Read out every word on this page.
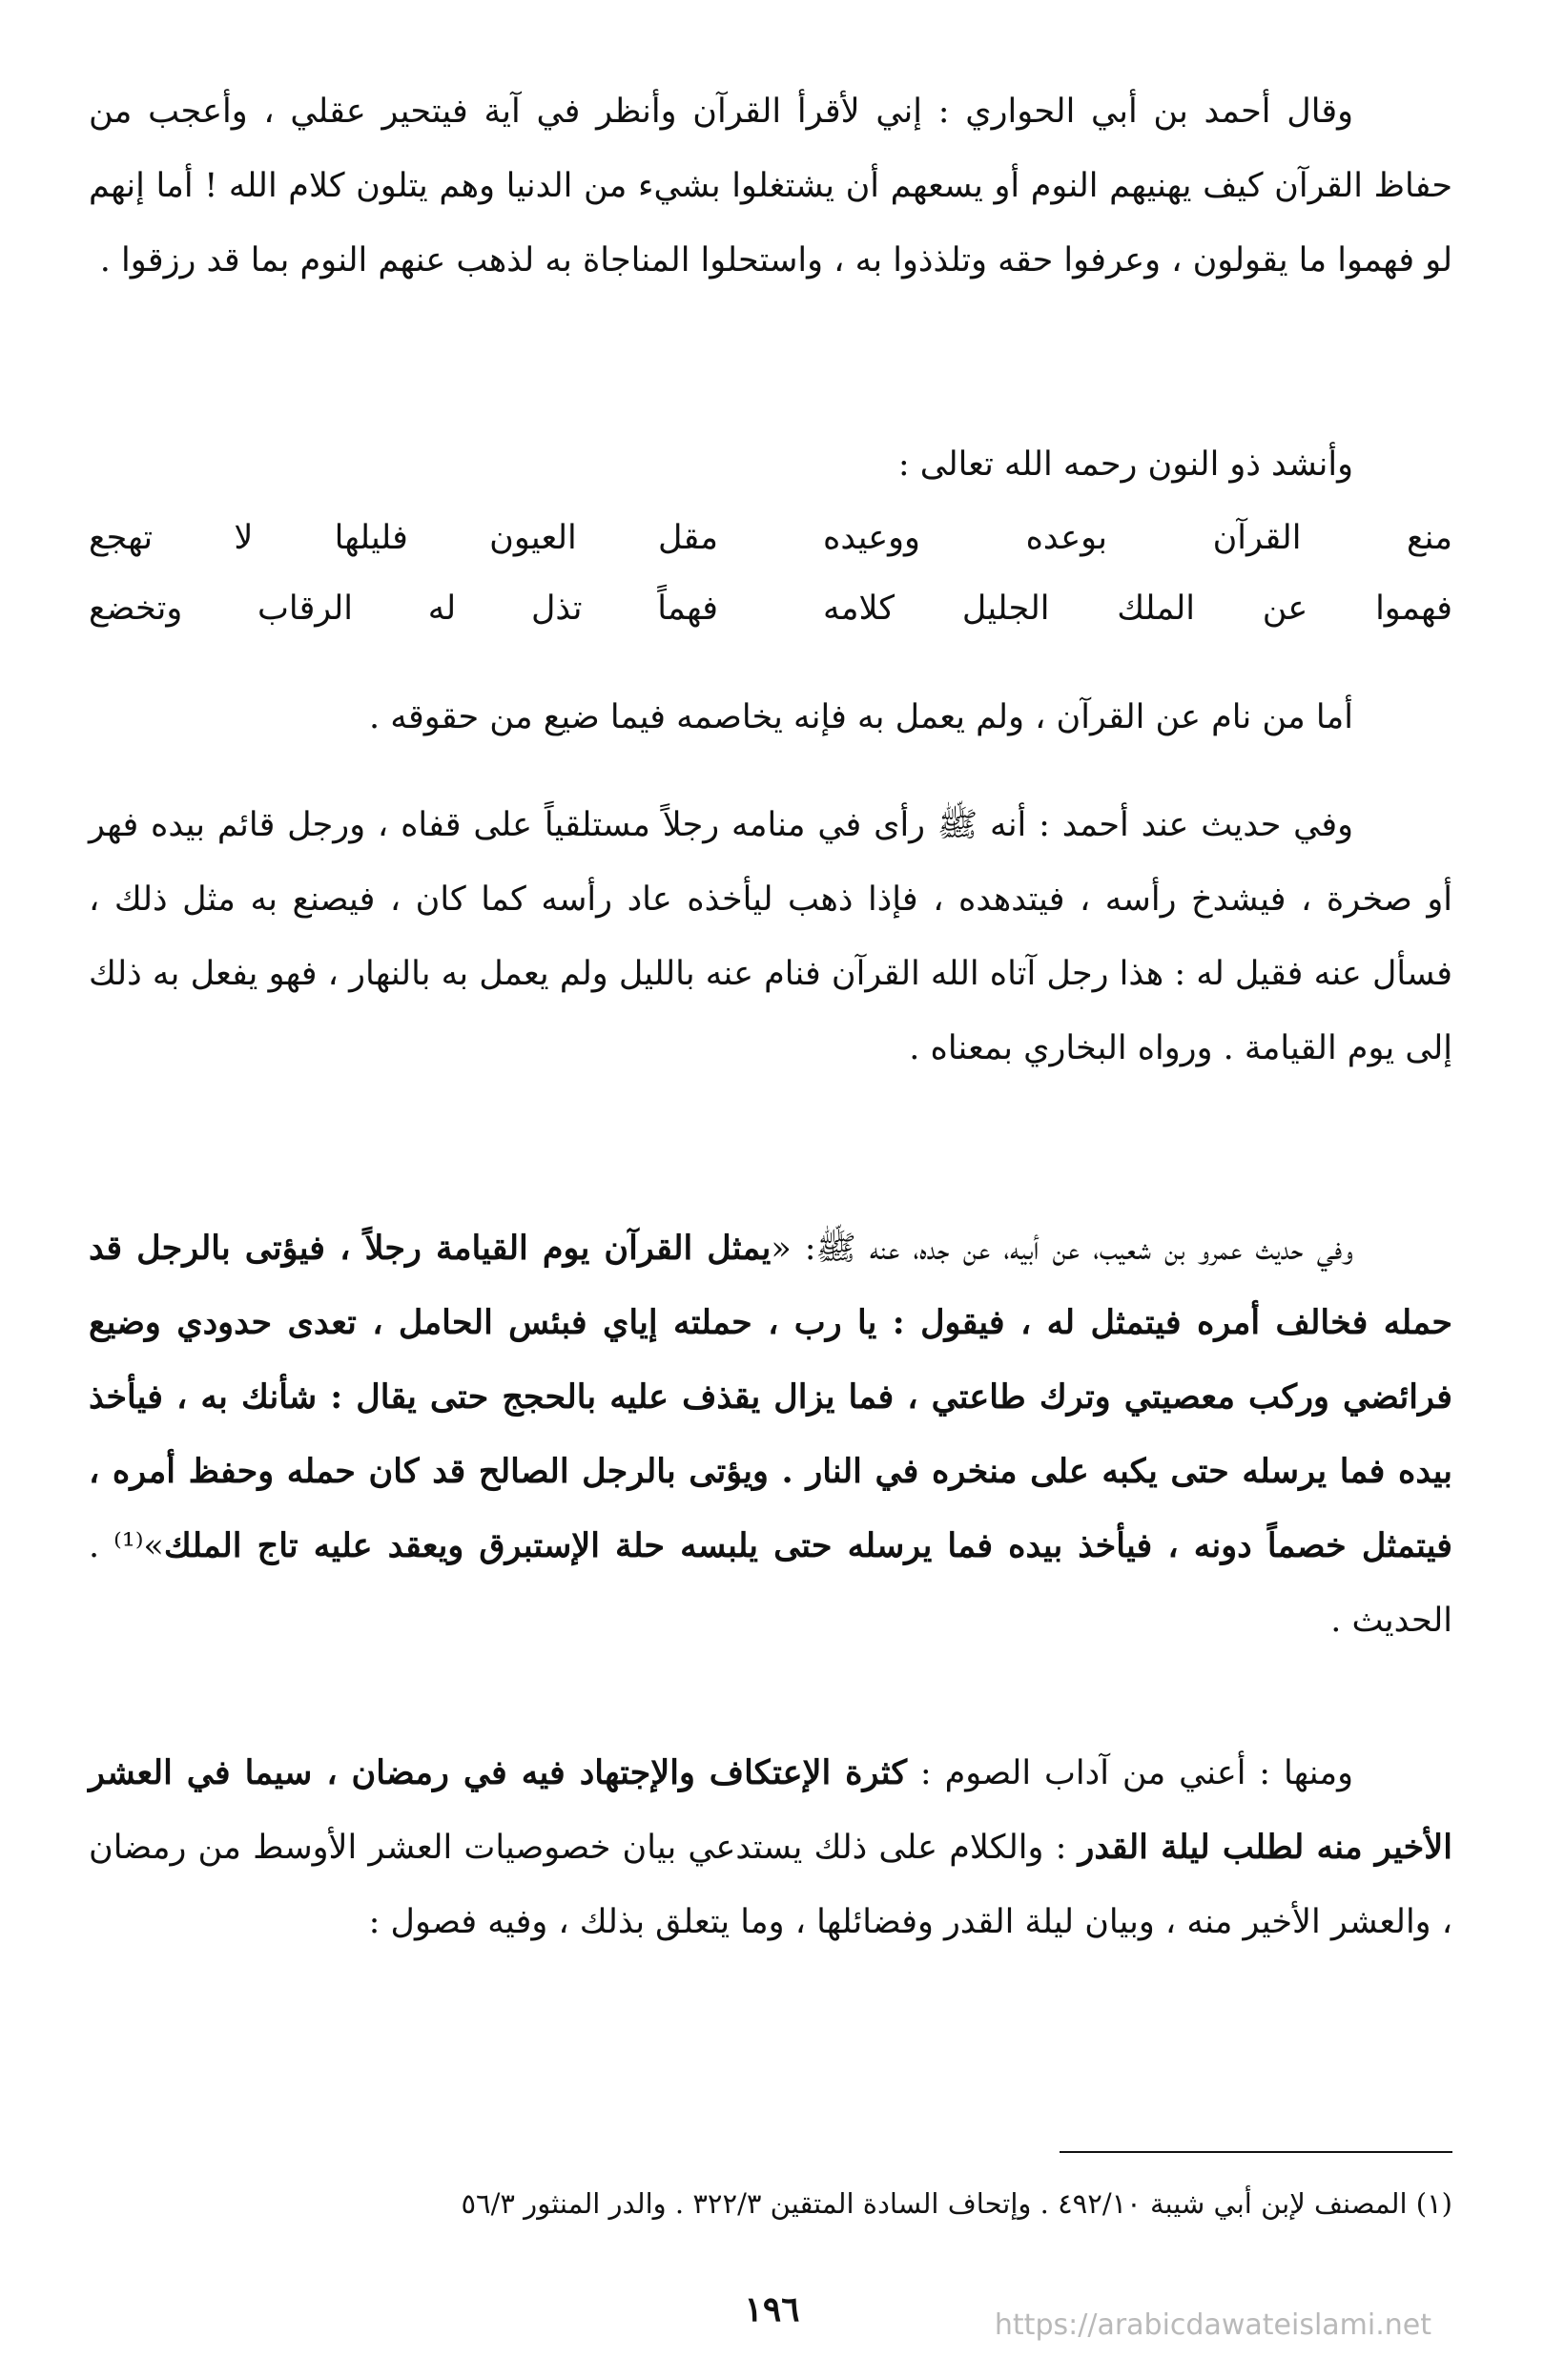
وقال أحمد بن أبي الحواري : إني لأقرأ القرآن وأنظر في آية فيتحير عقلي ، وأعجب من حفاظ القرآن كيف يهنيهم النوم أو يسعهم أن يشتغلوا بشيء من الدنيا وهم يتلون كلام الله ! أما إنهم لو فهموا ما يقولون ، وعرفوا حقه وتلذذوا به ، واستحلوا المناجاة به لذهب عنهم النوم بما قد رزقوا .

وأنشد ذو النون رحمه الله تعالى :

منع القرآن بوعده ووعيده
مقل العيون فليلها لا تهجع
فهموا عن الملك الجليل كلامه
فهماً تذل له الرقاب وتخضع

أما من نام عن القرآن ، ولم يعمل به فإنه يخاصمه فيما ضيع من حقوقه .

وفي حديث عند أحمد : أنه ﷺ رأى في منامه رجلاً مستلقياً على قفاه ، ورجل قائم بيده فهر أو صخرة ، فيشدخ رأسه ، فيتدهده ، فإذا ذهب ليأخذه عاد رأسه كما كان ، فيصنع به مثل ذلك ، فسأل عنه فقيل له : هذا رجل آتاه الله القرآن فنام عنه بالليل ولم يعمل به بالنهار ، فهو يفعل به ذلك إلى يوم القيامة . ورواه البخاري بمعناه .

وفي حديث عمرو بن شعيب، عن أبيه، عن جده، عنه ﷺ: «يمثل القرآن يوم القيامة رجلاً ، فيؤتى بالرجل قد حمله فخالف أمره فيتمثل له ، فيقول : يا رب ، حملته إياي فبئس الحامل ، تعدى حدودي وضيع فرائضي وركب معصيتي وترك طاعتي ، فما يزال يقذف عليه بالحجج حتى يقال : شأنك به ، فيأخذ بيده فما يرسله حتى يكبه على منخره في النار . ويؤتى بالرجل الصالح قد كان حمله وحفظ أمره ، فيتمثل خصماً دونه ، فيأخذ بيده فما يرسله حتى يلبسه حلة الإستبرق ويعقد عليه تاج الملك»⁽¹⁾ . الحديث .

ومنها : أعني من آداب الصوم : كثرة الإعتكاف والإجتهاد فيه في رمضان ، سيما في العشر الأخير منه لطلب ليلة القدر : والكلام على ذلك يستدعي بيان خصوصيات العشر الأوسط من رمضان ، والعشر الأخير منه ، وبيان ليلة القدر وفضائلها ، وما يتعلق بذلك ، وفيه فصول :

(١) المصنف لإبن أبي شيبة ٤٩٢/١٠ . وإتحاف السادة المتقين ٣٢٢/٣ . والدر المنثور ٥٦/٣
١٩٦	https://arabicdawateislami.net
